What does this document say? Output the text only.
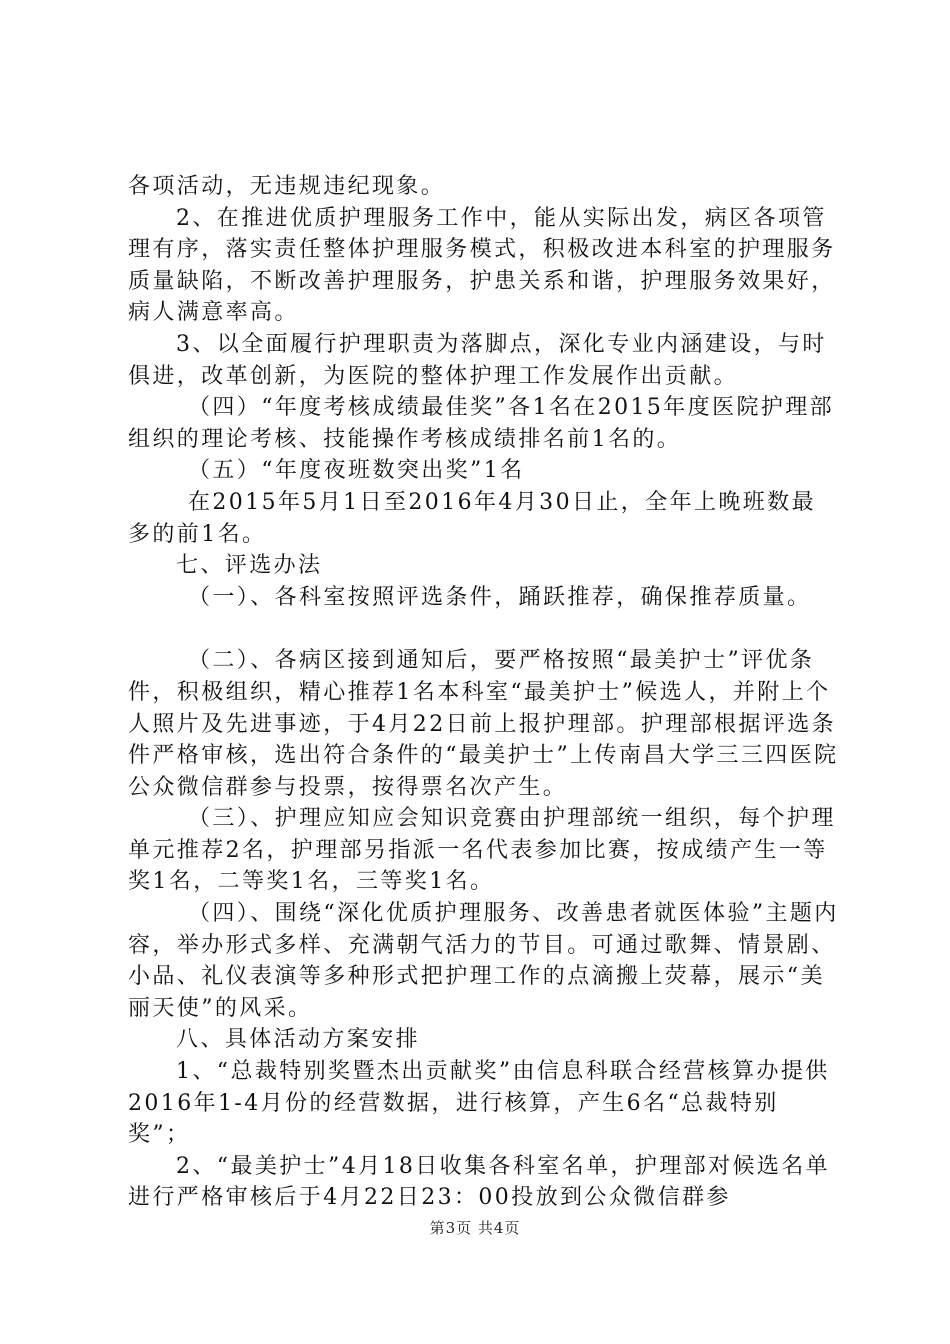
各项活动，无违规违纪现象。

2、在推进优质护理服务工作中，能从实际出发，病区各项管理有序，落实责任整体护理服务模式，积极改进本科室的护理服务质量缺陷，不断改善护理服务，护患关系和谐，护理服务效果好，病人满意率高。

3、以全面履行护理职责为落脚点，深化专业内涵建设，与时俱进，改革创新，为医院的整体护理工作发展作出贡献。

（四）“年度考核成绩最佳奖”各1名在2015年度医院护理部组织的理论考核、技能操作考核成绩排名前1名的。

（五）“年度夜班数突出奖”1名

在2015年5月1日至2016年4月30日止，全年上晚班数最多的前1名。

七、评选办法

（一）、各科室按照评选条件，踊跃推荐，确保推荐质量。

（二）、各病区接到通知后，要严格按照“最美护士”评优条件，积极组织，精心推荐1名本科室“最美护士”候选人，并附上个人照片及先进事迹，于4月22日前上报护理部。护理部根据评选条件严格审核，选出符合条件的“最美护士”上传南昌大学三三四医院公众微信群参与投票，按得票名次产生。

（三）、护理应知应会知识竞赛由护理部统一组织，每个护理单元推荐2名，护理部另指派一名代表参加比赛，按成绩产生一等奖1名，二等奖1名，三等奖1名。

（四）、围绕“深化优质护理服务、改善患者就医体验”主题内容，举办形式多样、充满朝气活力的节目。可通过歌舞、情景剧、小品、礼仪表演等多种形式把护理工作的点滴搬上荧幕，展示“美丽天使”的风采。

八、具体活动方案安排

1、“总裁特别奖暨杰出贡献奖”由信息科联合经营核算办提供2016年1-4月份的经营数据，进行核算，产生6名“总裁特别奖”；

2、“最美护士”4月18日收集各科室名单，护理部对候选名单进行严格审核后于4月22日23：00投放到公众微信群参

第3页 共4页
